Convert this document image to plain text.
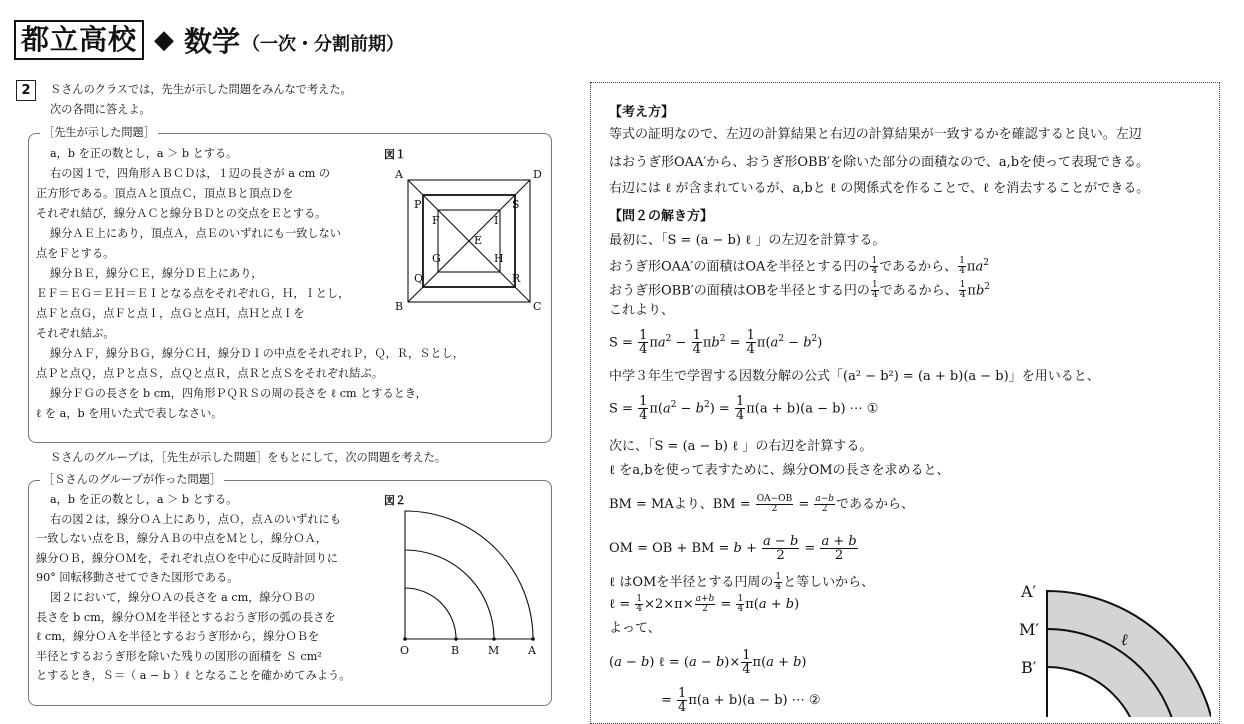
都立高校 ◆ 数学 （一次・分割前期）
2	Ｓさんのクラスでは，先生が示した問題をみんなで考えた。
次の各問に答えよ。
［先生が示した問題］
a，b を正の数とし，a ＞ b とする。
右の図１で，四角形ＡＢＣＤは，１辺の長さが a cm の
正方形である。頂点Ａと頂点Ｃ，頂点Ｂと頂点Ｄを
それぞれ結び，線分ＡＣと線分ＢＤとの交点をＥとする。
線分ＡＥ上にあり，頂点Ａ，点Ｅのいずれにも一致しない
点をＦとする。
線分ＢＥ，線分ＣＥ，線分ＤＥ上にあり，
ＥＦ＝ＥＧ＝ＥＨ＝ＥＩとなる点をそれぞれＧ，Ｈ，Ｉとし，
点Ｆと点Ｇ，点Ｆと点Ｉ，点Ｇと点Ｈ，点Ｈと点Ｉを
それぞれ結ぶ。
線分ＡＦ，線分ＢＧ，線分ＣＨ，線分ＤＩの中点をそれぞれＰ，Ｑ，Ｒ，Ｓとし，
点Ｐと点Ｑ，点Ｐと点Ｓ，点Ｑと点Ｒ，点Ｒと点Ｓをそれぞれ結ぶ。
線分ＦＧの長さを b cm，四角形ＰＱＲＳの周の長さを ℓ cm とするとき，
ℓ を a，b を用いた式で表しなさい。
図１
A	D
B	C
P	S
Q	R
F	I
G	H
E
Ｓさんのグループは，［先生が示した問題］をもとにして，次の問題を考えた。
［Ｓさんのグループが作った問題］
a，b を正の数とし，a ＞ b とする。
右の図２は，線分ＯＡ上にあり，点Ｏ，点Ａのいずれにも
一致しない点をＢ，線分ＡＢの中点をＭとし，線分ＯＡ，
線分ＯＢ，線分ＯＭを，それぞれ点Ｏを中心に反時計回りに
90° 回転移動させてできた図形である。
図２において，線分ＯＡの長さを a cm，線分ＯＢの
長さを b cm，線分ＯＭを半径とするおうぎ形の弧の長さを
ℓ cm，線分ＯＡを半径とするおうぎ形から，線分ＯＢを
半径とするおうぎ形を除いた残りの図形の面積を Ｓ cm²
とするとき，Ｓ＝（ a − b ）ℓ となることを確かめてみよう。
図２
O	B	M	A
【考え方】
等式の証明なので、左辺の計算結果と右辺の計算結果が一致するかを確認すると良い。左辺
はおうぎ形OAA′から、おうぎ形OBB′を除いた部分の面積なので、a,bを使って表現できる。
右辺には ℓ が含まれているが、a,bと ℓ の関係式を作ることで、ℓ を消去することができる。
【問２の解き方】
最初に、「S = (a − b) ℓ 」の左辺を計算する。
おうぎ形OAA′の面積はOAを半径とする円の $\frac{1}{4}$ であるから、 $\frac{1}{4} \pi a^2$
おうぎ形OBB′の面積はOBを半径とする円の $\frac{1}{4}$ であるから、 $\frac{1}{4} \pi b^2$
これより、
$S = \frac{1}{4} \pi a^2 - \frac{1}{4} \pi b^2 = \frac{1}{4} \pi(a^2 - b^2)$
中学３年生で学習する因数分解の公式「(a² − b²) = (a + b)(a − b)」を用いると、
$S = \frac{1}{4} \pi(a^2 - b^2) = \frac{1}{4} \pi(a + b)(a - b)$ ⋯ ①
次に、「S = (a − b) ℓ 」の右辺を計算する。
ℓ をa,bを使って表すために、線分OMの長さを求めると、
BM = MAより、BM = $\frac{OA-OB}{2} = \frac{a-b}{2}$ であるから、
OM = OB + BM = $b + \frac{a - b}{2} = \frac{a + b}{2}$
ℓ はOMを半径とする円周の $\frac{1}{4}$ と等しいから、
ℓ = $\frac{1}{4} \times 2\times\pi\times \frac{a+b}{2} = \frac{1}{4} \pi(a + b)$
よって、
(a − b) ℓ = $(a - b)\times \frac{1}{4} \pi(a + b)$
= $\frac{1}{4} \pi(a + b)(a - b)$ ⋯ ②
A′
M′
B′
ℓ
